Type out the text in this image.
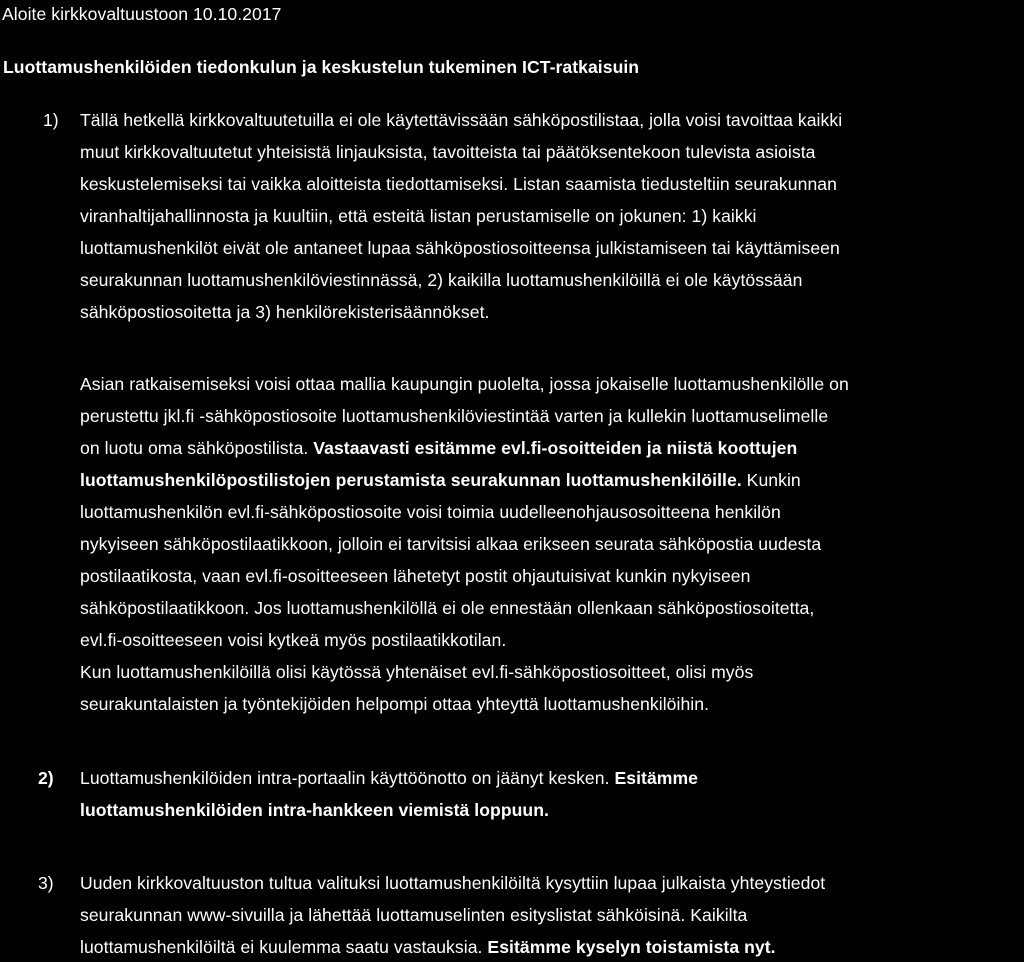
Aloite kirkkovaltuustoon 10.10.2017
Luottamushenkilöiden tiedonkulun ja keskustelun tukeminen ICT-ratkaisuin
1) Tällä hetkellä kirkkovaltuutetuilla ei ole käytettävissään sähköpostilistaa, jolla voisi tavoittaa kaikki
muut kirkkovaltuutetut yhteisistä linjauksista, tavoitteista tai päätöksentekoon tulevista asioista
keskustelemiseksi tai vaikka aloitteista tiedottamiseksi. Listan saamista tiedusteltiin seurakunnan
viranhaltijahallinnosta ja kuultiin, että esteitä listan perustamiselle on jokunen: 1) kaikki
luottamushenkilöt eivät ole antaneet lupaa sähköpostiosoitteensa julkistamiseen tai käyttämiseen
seurakunnan luottamushenkilöviestinnässä, 2) kaikilla luottamushenkilöillä ei ole käytössään
sähköpostiosoitetta ja 3) henkilörekisterisäännökset.
Asian ratkaisemiseksi voisi ottaa mallia kaupungin puolelta, jossa jokaiselle luottamushenkilölle on
perustettu jkl.fi -sähköpostiosoite luottamushenkilöviestintää varten ja kullekin luottamuselimelle
on luotu oma sähköpostilista. Vastaavasti esitämme evl.fi-osoitteiden ja niistä koottujen
luottamushenkilöpostilistojen perustamista seurakunnan luottamushenkilöille. Kunkin
luottamushenkilön evl.fi-sähköpostiosoite voisi toimia uudelleenohjausosoitteena henkilön
nykyiseen sähköpostilaatikkoon, jolloin ei tarvitsisi alkaa erikseen seurata sähköpostia uudesta
postilaatikosta, vaan evl.fi-osoitteeseen lähetetyt postit ohjautuisivat kunkin nykyiseen
sähköpostilaatikkoon. Jos luottamushenkilöllä ei ole ennestään ollenkaan sähköpostiosoitetta,
evl.fi-osoitteeseen voisi kytkeä myös postilaatikkotilan.
Kun luottamushenkilöillä olisi käytössä yhtenäiset evl.fi-sähköpostiosoitteet, olisi myös
seurakuntalaisten ja työntekijöiden helpompi ottaa yhteyttä luottamushenkilöihin.
2) Luottamushenkilöiden intra-portaalin käyttöönotto on jäänyt kesken. Esitämme
luottamushenkilöiden intra-hankkeen viemistä loppuun.
3) Uuden kirkkovaltuuston tultua valituksi luottamushenkilöiltä kysyttiin lupaa julkaista yhteystiedot
seurakunnan www-sivuilla ja lähettää luottamuselinten esityslistat sähköisinä. Kaikilta
luottamushenkilöiltä ei kuulemma saatu vastauksia. Esitämme kyselyn toistamista nyt.
